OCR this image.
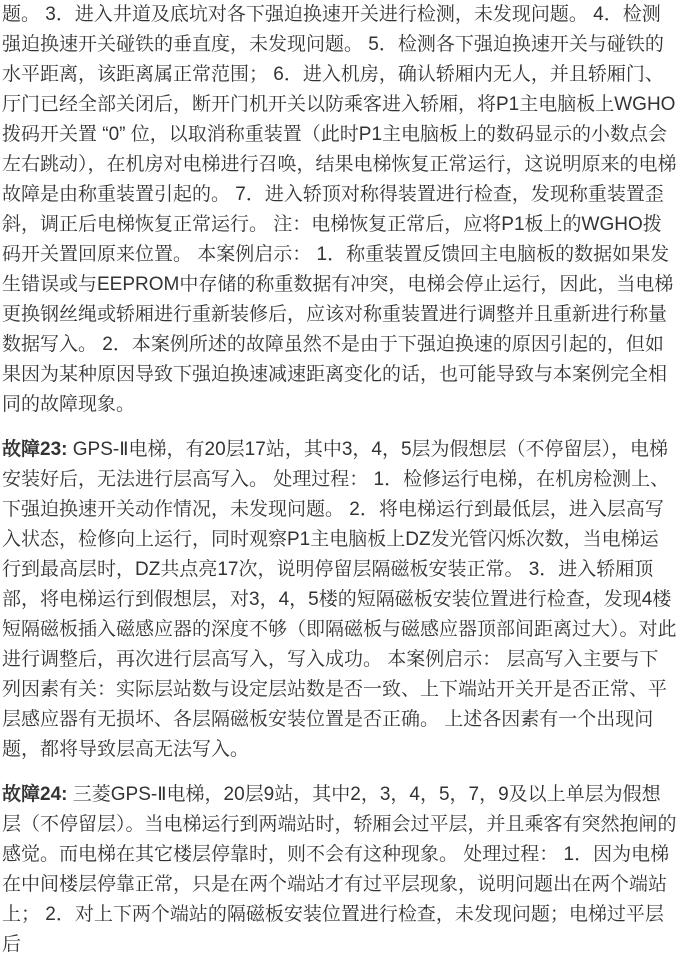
题。 3．进入井道及底坑对各下强迫换速开关进行检测，未发现问题。 4．检测强迫换速开关碰铁的垂直度，未发现问题。 5．检测各下强迫换速开关与碰铁的水平距离，该距离属正常范围； 6．进入机房，确认轿厢内无人，并且轿厢门、厅门已经全部关闭后，断开门机开关以防乘客进入轿厢，将P1主电脑板上WGHO拨码开关置 “0” 位，以取消称重装置（此时P1主电脑板上的数码显示的小数点会左右跳动），在机房对电梯进行召唤，结果电梯恢复正常运行，这说明原来的电梯故障是由称重装置引起的。 7．进入轿顶对称得装置进行检查，发现称重装置歪斜，调正后电梯恢复正常运行。 注：电梯恢复正常后，应将P1板上的WGHO拨码开关置回原来位置。 本案例启示： 1．称重装置反馈回主电脑板的数据如果发生错误或与EEPROM中存储的称重数据有冲突，电梯会停止运行，因此，当电梯更换钢丝绳或轿厢进行重新装修后，应该对称重装置进行调整并且重新进行称量数据写入。 2．本案例所述的故障虽然不是由于下强迫换速的原因引起的，但如果因为某种原因导致下强迫换速减速距离变化的话，也可能导致与本案例完全相同的故障现象。

故障23: GPS-Ⅱ电梯，有20层17站，其中3，4，5层为假想层（不停留层），电梯安装好后，无法进行层高写入。 处理过程： 1．检修运行电梯，在机房检测上、下强迫换速开关动作情况，未发现问题。 2．将电梯运行到最低层，进入层高写入状态，检修向上运行，同时观察P1主电脑板上DZ发光管闪烁次数，当电梯运行到最高层时，DZ共点亮17次，说明停留层隔磁板安装正常。 3．进入轿厢顶部，将电梯运行到假想层，对3，4，5楼的短隔磁板安装位置进行检查，发现4楼短隔磁板插入磁感应器的深度不够（即隔磁板与磁感应器顶部间距离过大）。对此进行调整后，再次进行层高写入，写入成功。 本案例启示： 层高写入主要与下列因素有关：实际层站数与设定层站数是否一致、上下端站开关开是否正常、平层感应器有无损坏、各层隔磁板安装位置是否正确。 上述各因素有一个出现问题，都将导致层高无法写入。

故障24: 三菱GPS-Ⅱ电梯，20层9站，其中2，3，4，5，7，9及以上单层为假想层（不停留层）。当电梯运行到两端站时，轿厢会过平层，并且乘客有突然抱闸的感觉。而电梯在其它楼层停靠时，则不会有这种现象。 处理过程： 1．因为电梯在中间楼层停靠正常，只是在两个端站才有过平层现象，说明问题出在两个端站上； 2．对上下两个端站的隔磁板安装位置进行检查，未发现问题；电梯过平层后
